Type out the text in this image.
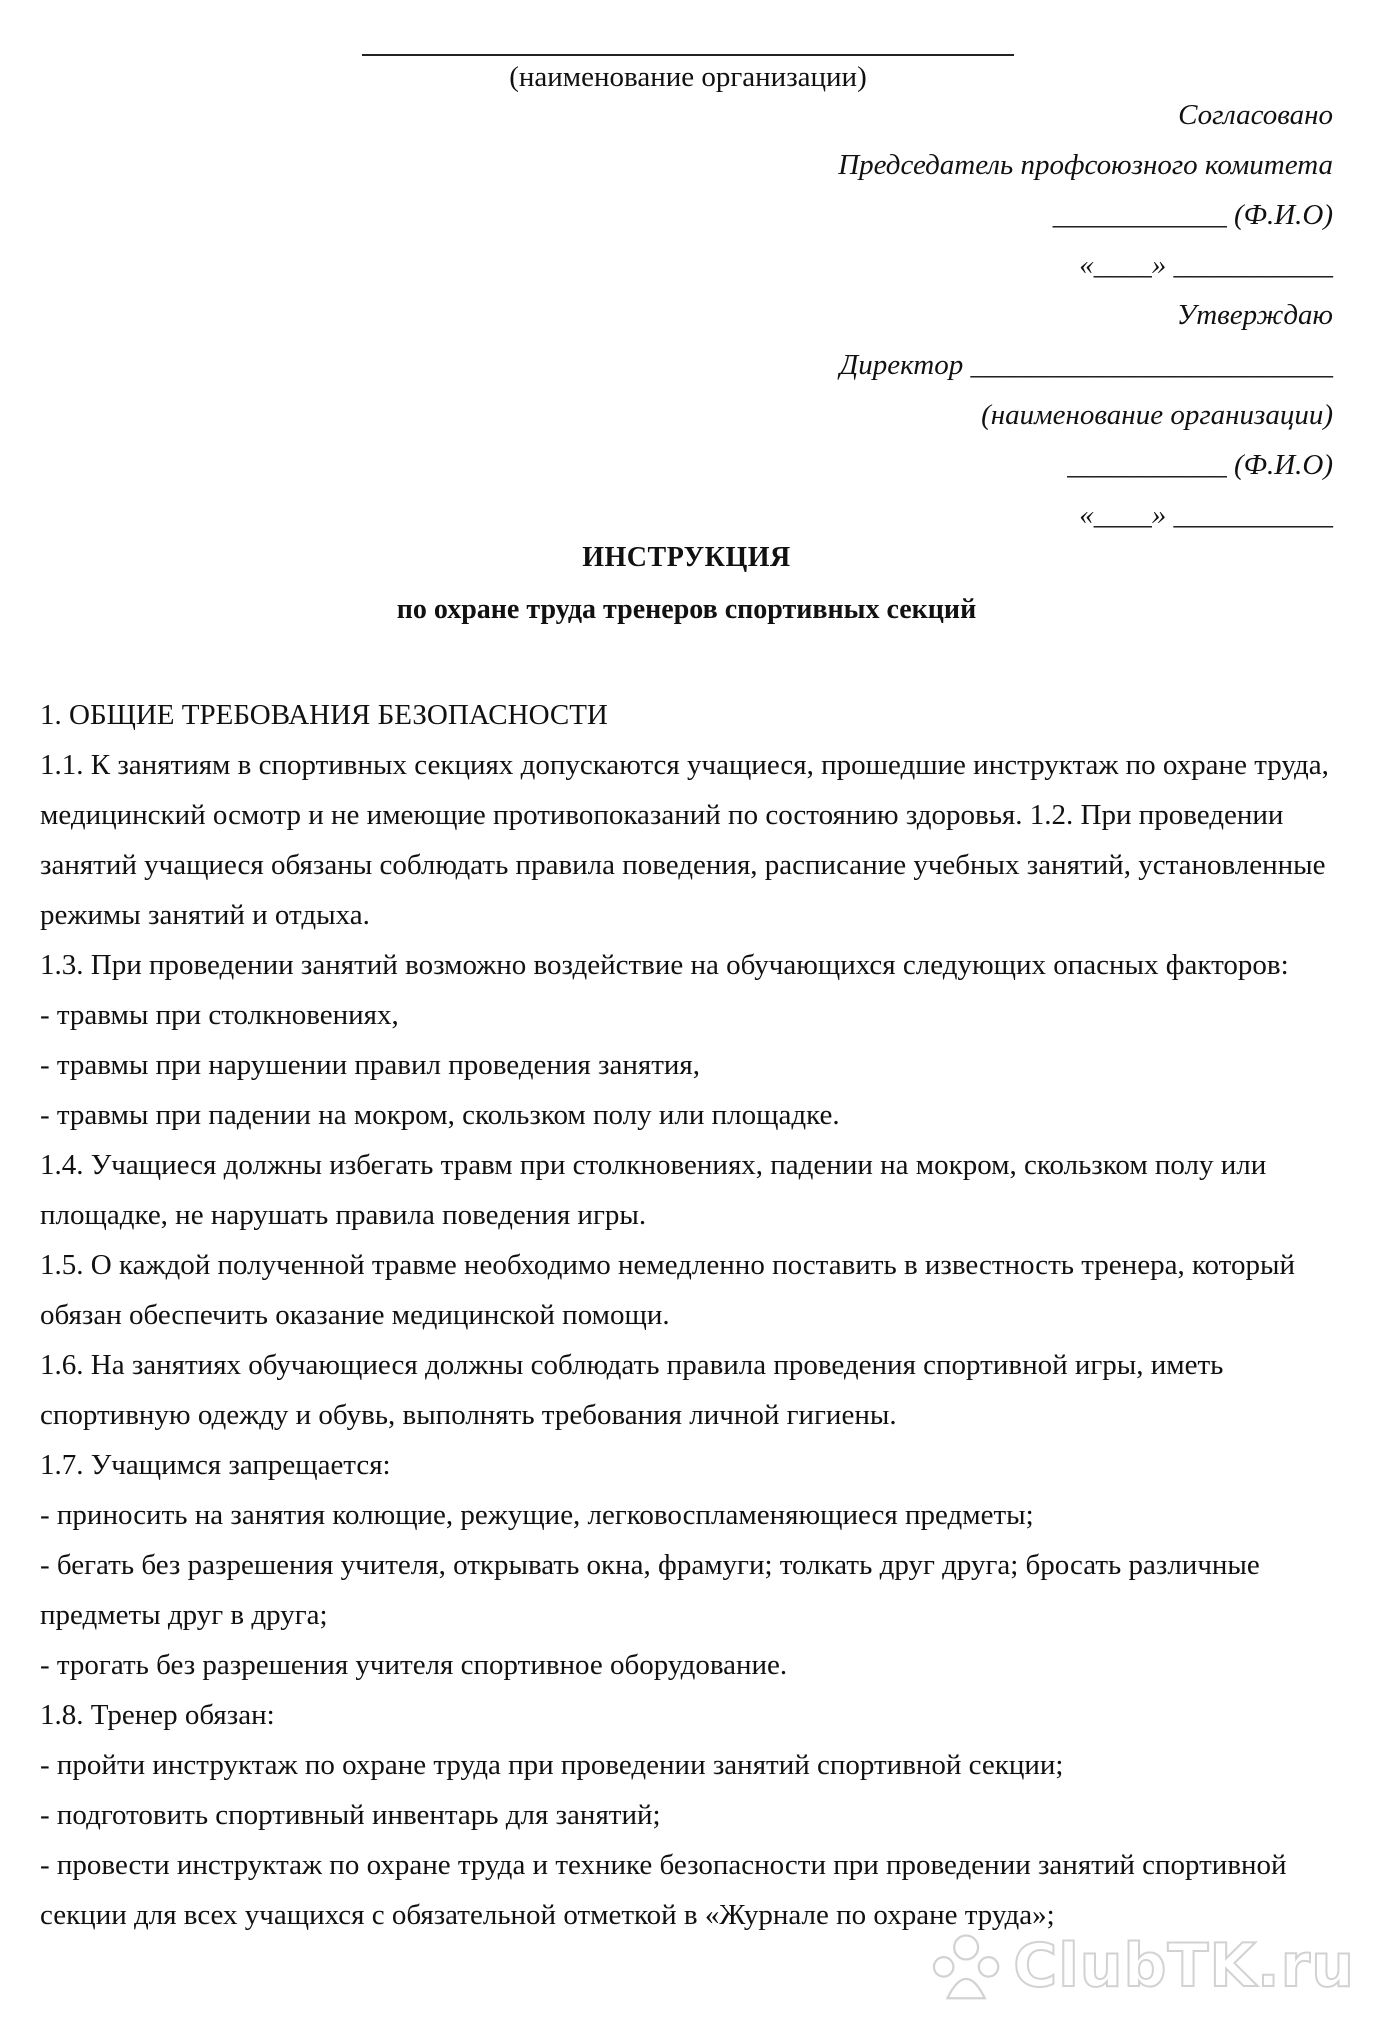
(наименование организации)
Согласовано
Председатель профсоюзного комитета
____________ (Ф.И.О)
«____» ___________
Утверждаю
Директор _________________________
(наименование организации)
___________ (Ф.И.О)
«____» ___________
ИНСТРУКЦИЯ
по охране труда тренеров спортивных секций

1. ОБЩИЕ ТРЕБОВАНИЯ БЕЗОПАСНОСТИ

1.1. К занятиям в спортивных секциях допускаются учащиеся, прошедшие инструктаж по охране труда, медицинский осмотр и не имеющие противопоказаний по состоянию здоровья. 1.2. При проведении занятий учащиеся обязаны соблюдать правила поведения, расписание учебных занятий, установленные режимы занятий и отдыха.

1.3. При проведении занятий возможно воздействие на обучающихся следующих опасных факторов:

- травмы при столкновениях,

- травмы при нарушении правил проведения занятия,

- травмы при падении на мокром, скользком полу или площадке.

1.4. Учащиеся должны избегать травм при столкновениях, падении на мокром, скользком полу или площадке, не нарушать правила поведения игры.

1.5. О каждой полученной травме необходимо немедленно поставить в известность тренера, который обязан обеспечить оказание медицинской помощи.

1.6. На занятиях обучающиеся должны соблюдать правила проведения спортивной игры, иметь спортивную одежду и обувь, выполнять требования личной гигиены.

1.7. Учащимся запрещается:

- приносить на занятия колющие, режущие, легковоспламеняющиеся предметы;

- бегать без разрешения учителя, открывать окна, фрамуги; толкать друг друга; бросать различные предметы друг в друга;

- трогать без разрешения учителя спортивное оборудование.

1.8. Тренер обязан:

- пройти инструктаж по охране труда при проведении занятий спортивной секции;

- подготовить спортивный инвентарь для занятий;

- провести инструктаж по охране труда и технике безопасности при проведении занятий спортивной секции для всех учащихся с обязательной отметкой в «Журнале по охране труда»;

ClubTK.ru
